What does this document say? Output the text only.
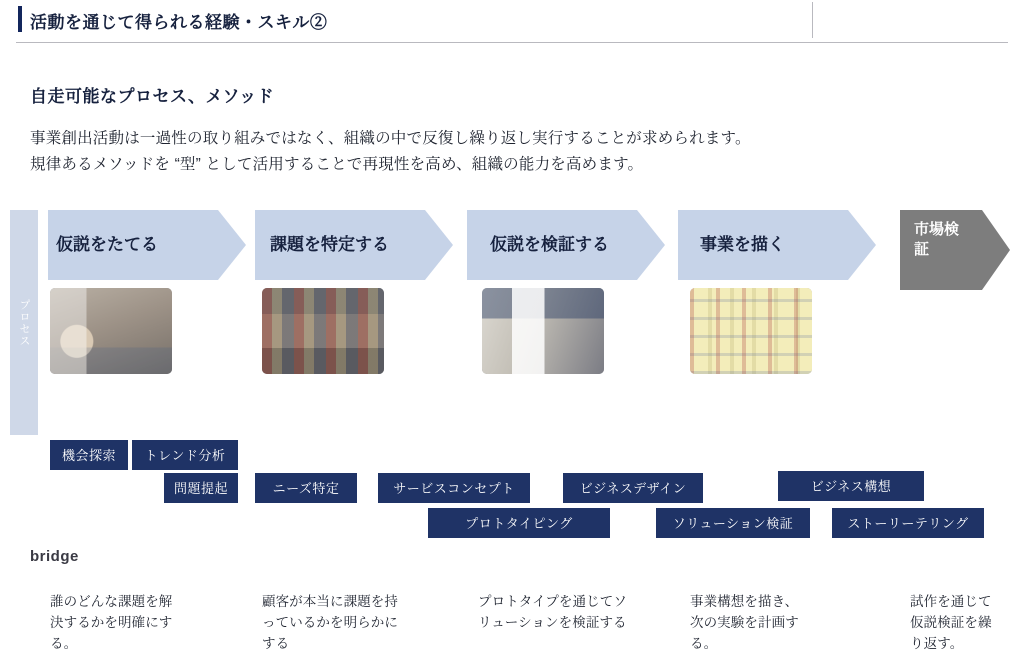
活動を通じて得られる経験・スキル②
自走可能なプロセス、メソッド
事業創出活動は一過性の取り組みではなく、組織の中で反復し繰り返し実行することが求められます。
規律あるメソッドを “型” として活用することで再現性を高め、組織の能力を高めます。
プロセス
仮説をたてる
誰のどんな課題を解決するかを明確にする。
課題を特定する
顧客が本当に課題を持っているかを明らかにする
仮説を検証する
プロトタイプを通じてソリューションを検証する
事業を描く
事業構想を描き、次の実験を計画する。
市場検証
試作を通じて仮説検証を繰り返す。
機会探索	トレンド分析
問題提起	ニーズ特定	サービスコンセプト	ビジネスデザイン	ビジネス構想
プロトタイピング	ソリューション検証	ストーリーテリング
bridge
